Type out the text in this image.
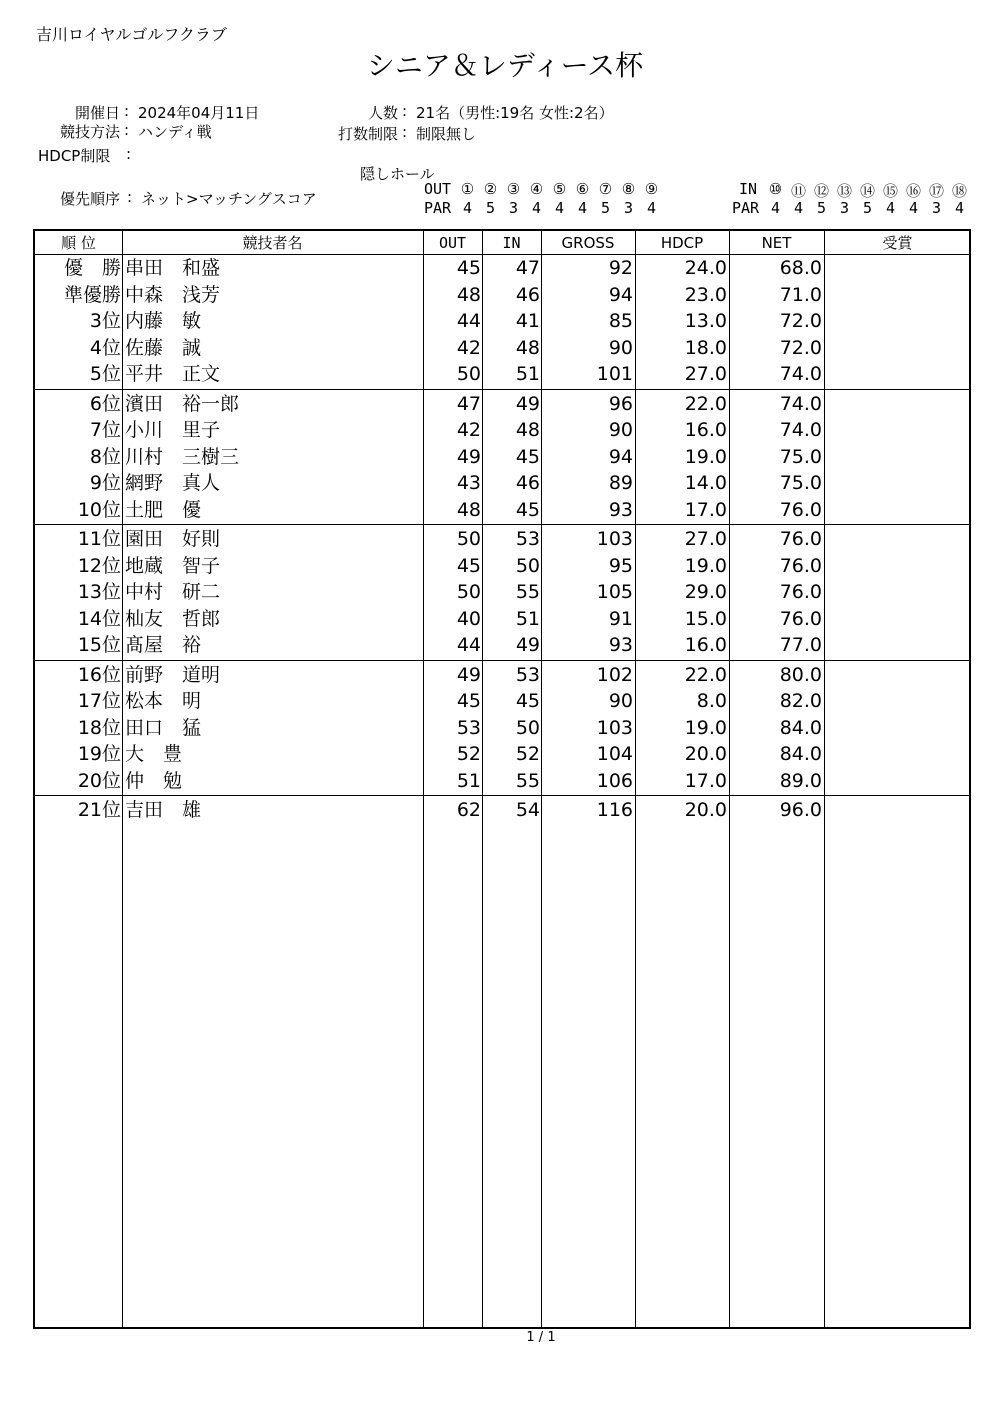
吉川ロイヤルゴルフクラブ
シニア＆レディース杯
開催日 : 2024年04月11日
競技方法 : ハンディ戦
HDCP制限 :
人数 : 21名（男性:19名 女性:2名）
打数制限 : 制限無し
隠しホール
優先順序 : ネット>マッチングスコア
OUT ① ② ③ ④ ⑤ ⑥ ⑦ ⑧ ⑨
PAR 4 5 3 4 4 4 5 3 4
IN ⑩ ⑪ ⑫ ⑬ ⑭ ⑮ ⑯ ⑰ ⑱
PAR 4 4 5 3 5 4 4 3 4
順 位	競技者名	OUT	IN	GROSS	HDCP	NET	受賞
優　勝 串田　和盛	45	47	92	24.0	68.0
準優勝 中森　浅芳	48	46	94	23.0	71.0
3位 内藤　敏	44	41	85	13.0	72.0
4位 佐藤　誠	42	48	90	18.0	72.0
5位 平井　正文	50	51	101	27.0	74.0
6位 濱田　裕一郎	47	49	96	22.0	74.0
7位 小川　里子	42	48	90	16.0	74.0
8位 川村　三樹三	49	45	94	19.0	75.0
9位 網野　真人	43	46	89	14.0	75.0
10位 土肥　優	48	45	93	17.0	76.0
11位 園田　好則	50	53	103	27.0	76.0
12位 地蔵　智子	45	50	95	19.0	76.0
13位 中村　研二	50	55	105	29.0	76.0
14位 杣友　哲郎	40	51	91	15.0	76.0
15位 髙屋　裕	44	49	93	16.0	77.0
16位 前野　道明	49	53	102	22.0	80.0
17位 松本　明	45	45	90	8.0	82.0
18位 田口　猛	53	50	103	19.0	84.0
19位 大　豊	52	52	104	20.0	84.0
20位 仲　勉	51	55	106	17.0	89.0
21位 吉田　雄	62	54	116	20.0	96.0
1 / 1
